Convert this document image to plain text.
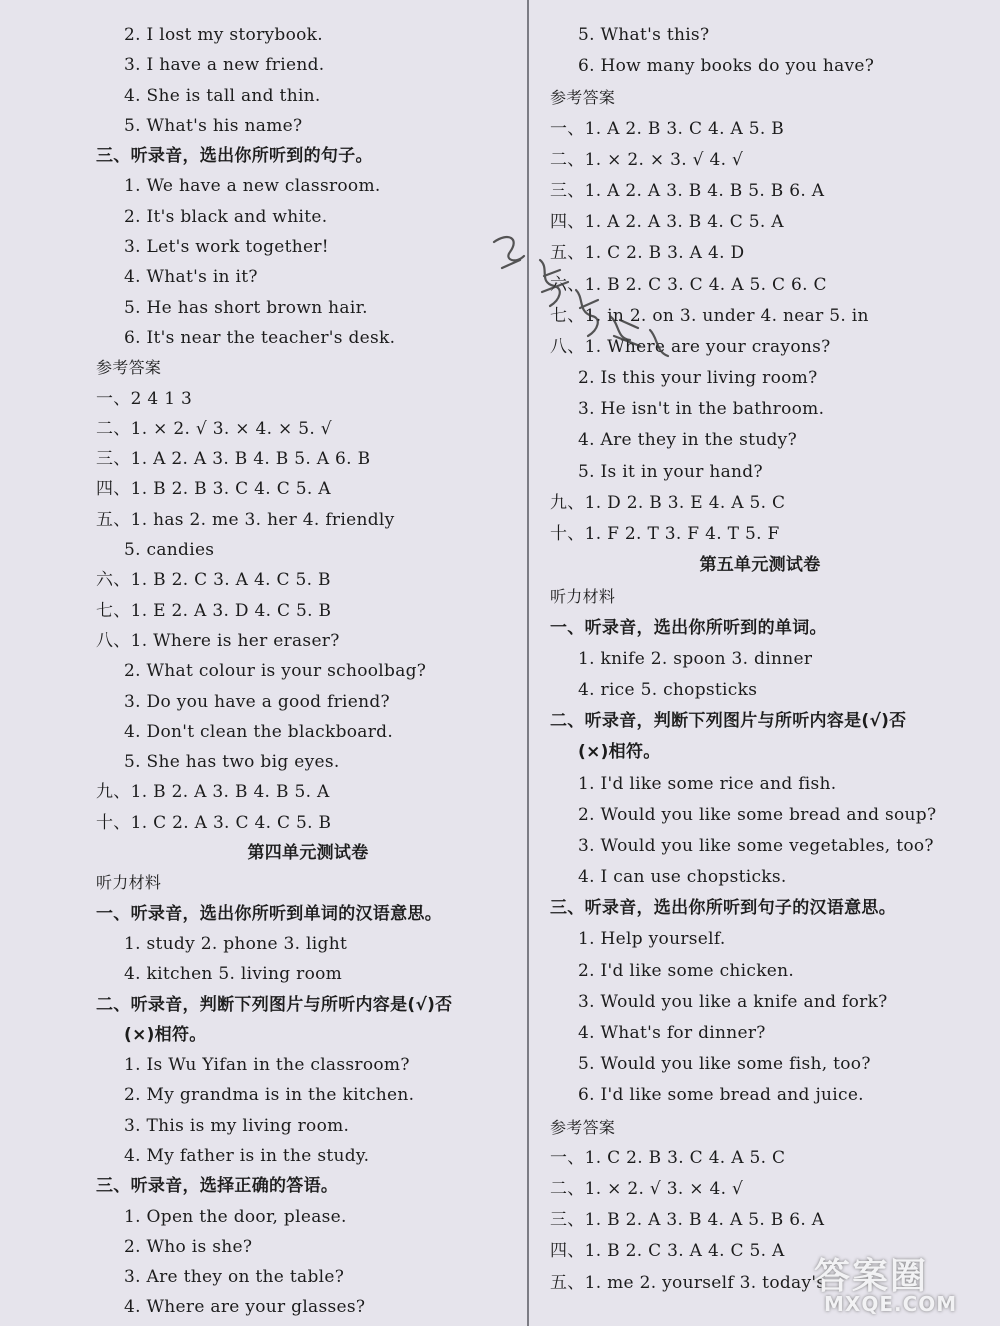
2. I lost my storybook.
3. I have a new friend.
4. She is tall and thin.
5. What's his name?
三、听录音，选出你所听到的句子。
1. We have a new classroom.
2. It's black and white.
3. Let's work together!
4. What's in it?
5. He has short brown hair.
6. It's near the teacher's desk.
参考答案
一、2 4 1 3
二、1. × 2. √ 3. × 4. × 5. √
三、1. A 2. A 3. B 4. B 5. A 6. B
四、1. B 2. B 3. C 4. C 5. A
五、1. has 2. me 3. her 4. friendly
5. candies
六、1. B 2. C 3. A 4. C 5. B
七、1. E 2. A 3. D 4. C 5. B
八、1. Where is her eraser?
2. What colour is your schoolbag?
3. Do you have a good friend?
4. Don't clean the blackboard.
5. She has two big eyes.
九、1. B 2. A 3. B 4. B 5. A
十、1. C 2. A 3. C 4. C 5. B
第四单元测试卷
听力材料
一、听录音，选出你所听到单词的汉语意思。
1. study 2. phone 3. light
4. kitchen 5. living room
二、听录音，判断下列图片与所听内容是(√)否
(×)相符。
1. Is Wu Yifan in the classroom?
2. My grandma is in the kitchen.
3. This is my living room.
4. My father is in the study.
三、听录音，选择正确的答语。
1. Open the door, please.
2. Who is she?
3. Are they on the table?
4. Where are your glasses?
5. What's this?
6. How many books do you have?
参考答案
一、1. A 2. B 3. C 4. A 5. B
二、1. × 2. × 3. √ 4. √
三、1. A 2. A 3. B 4. B 5. B 6. A
四、1. A 2. A 3. B 4. C 5. A
五、1. C 2. B 3. A 4. D
六、1. B 2. C 3. C 4. A 5. C 6. C
七、1. in 2. on 3. under 4. near 5. in
八、1. Where are your crayons?
2. Is this your living room?
3. He isn't in the bathroom.
4. Are they in the study?
5. Is it in your hand?
九、1. D 2. B 3. E 4. A 5. C
十、1. F 2. T 3. F 4. T 5. F
第五单元测试卷
听力材料
一、听录音，选出你所听到的单词。
1. knife 2. spoon 3. dinner
4. rice 5. chopsticks
二、听录音，判断下列图片与所听内容是(√)否
(×)相符。
1. I'd like some rice and fish.
2. Would you like some bread and soup?
3. Would you like some vegetables, too?
4. I can use chopsticks.
三、听录音，选出你所听到句子的汉语意思。
1. Help yourself.
2. I'd like some chicken.
3. Would you like a knife and fork?
4. What's for dinner?
5. Would you like some fish, too?
6. I'd like some bread and juice.
参考答案
一、1. C 2. B 3. C 4. A 5. C
二、1. × 2. √ 3. × 4. √
三、1. B 2. A 3. B 4. A 5. B 6. A
四、1. B 2. C 3. A 4. C 5. A
五、1. me 2. yourself 3. today's
答案圈
MXQE.COM
